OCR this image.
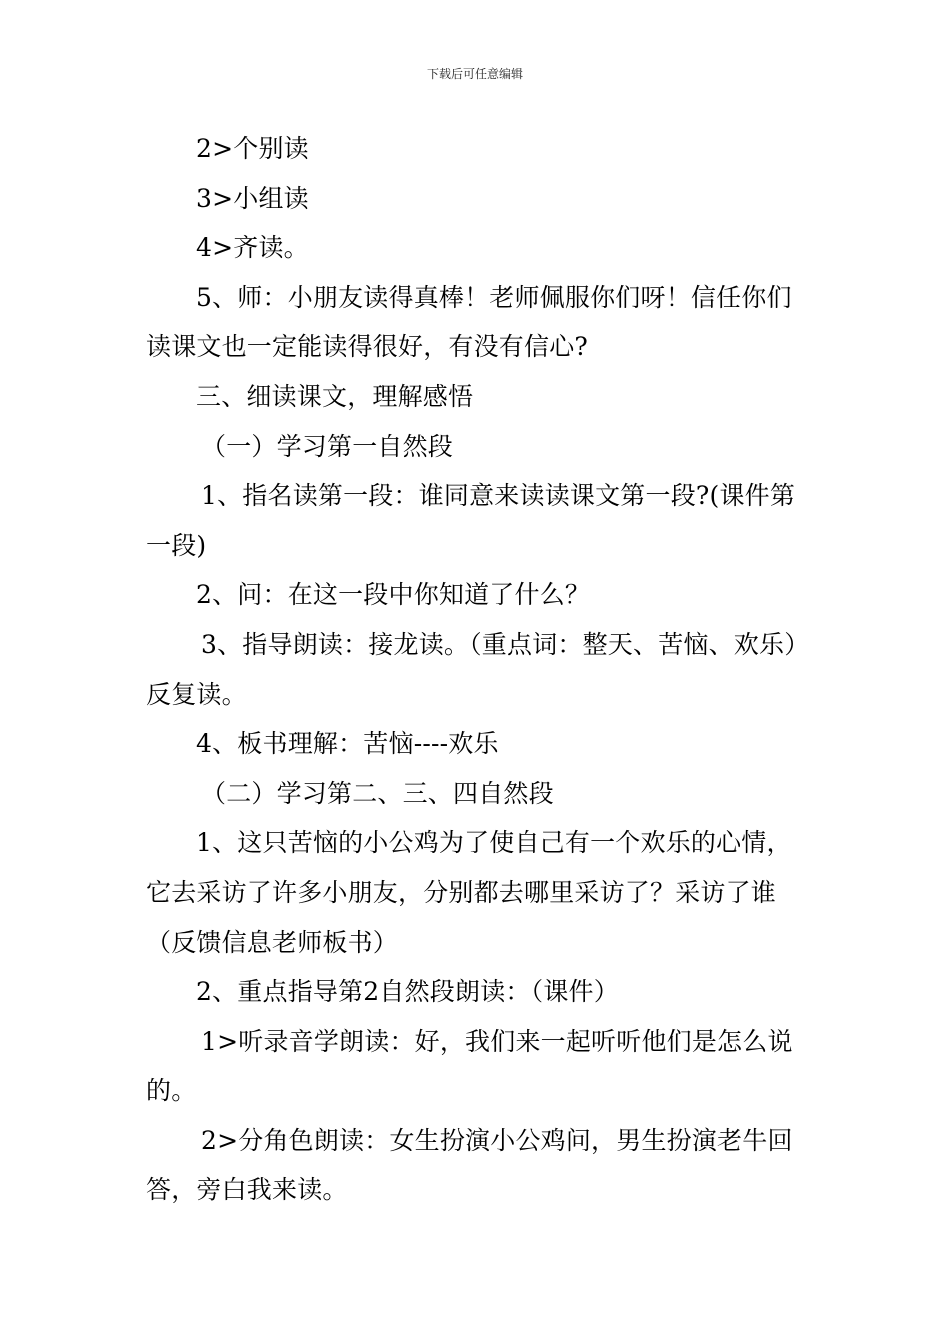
下载后可任意编辑

2>个别读

3>小组读

4>齐读。

5、师：小朋友读得真棒！老师佩服你们呀！信任你们读课文也一定能读得很好，有没有信心?

三、细读课文，理解感悟

（一）学习第一自然段

1、指名读第一段：谁同意来读读课文第一段?(课件第一段)

2、问：在这一段中你知道了什么？

3、指导朗读：接龙读。（重点词：整天、苦恼、欢乐）反复读。

4、板书理解：苦恼----欢乐

（二）学习第二、三、四自然段

1、这只苦恼的小公鸡为了使自己有一个欢乐的心情，它去采访了许多小朋友，分别都去哪里采访了？采访了谁（反馈信息老师板书）

2、重点指导第2自然段朗读：（课件）

1>听录音学朗读：好，我们来一起听听他们是怎么说的。

2>分角色朗读：女生扮演小公鸡问，男生扮演老牛回答，旁白我来读。
